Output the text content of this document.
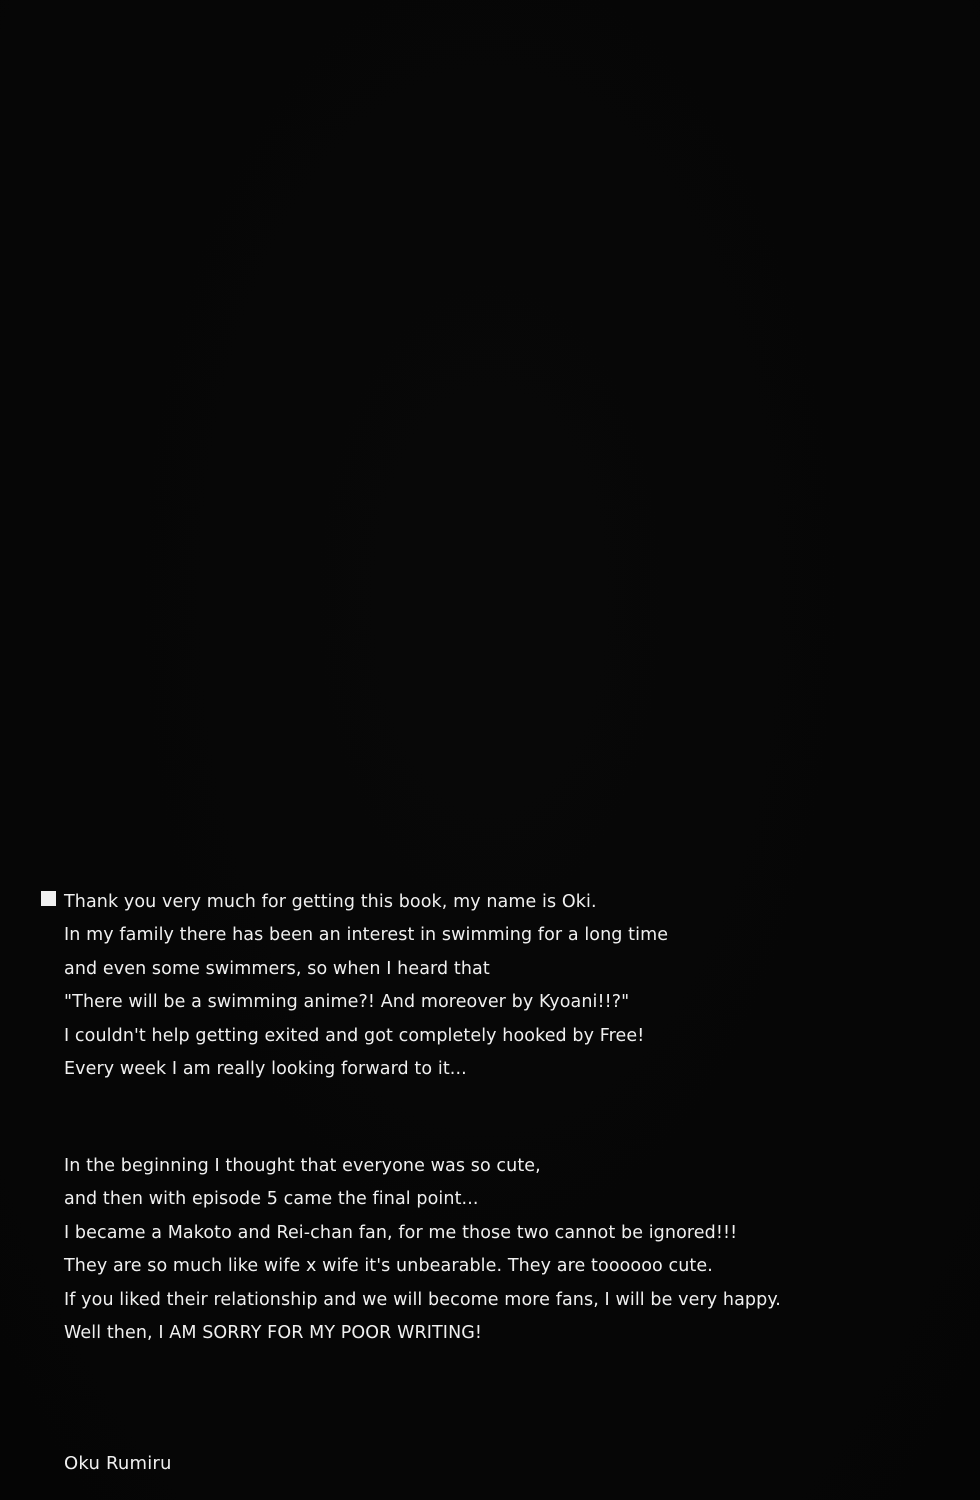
Thank you very much for getting this book, my name is Oki.
In my family there has been an interest in swimming for a long time
and even some swimmers, so when I heard that
"There will be a swimming anime?! And moreover by Kyoani!!?"
I couldn't help getting exited and got completely hooked by Free!
Every week I am really looking forward to it...
In the beginning I thought that everyone was so cute,
and then with episode 5 came the final point...
I became a Makoto and Rei-chan fan, for me those two cannot be ignored!!!
They are so much like wife x wife it's unbearable. They are toooooo cute.
If you liked their relationship and we will become more fans, I will be very happy.
Well then, I AM SORRY FOR MY POOR WRITING!
Oku Rumiru
